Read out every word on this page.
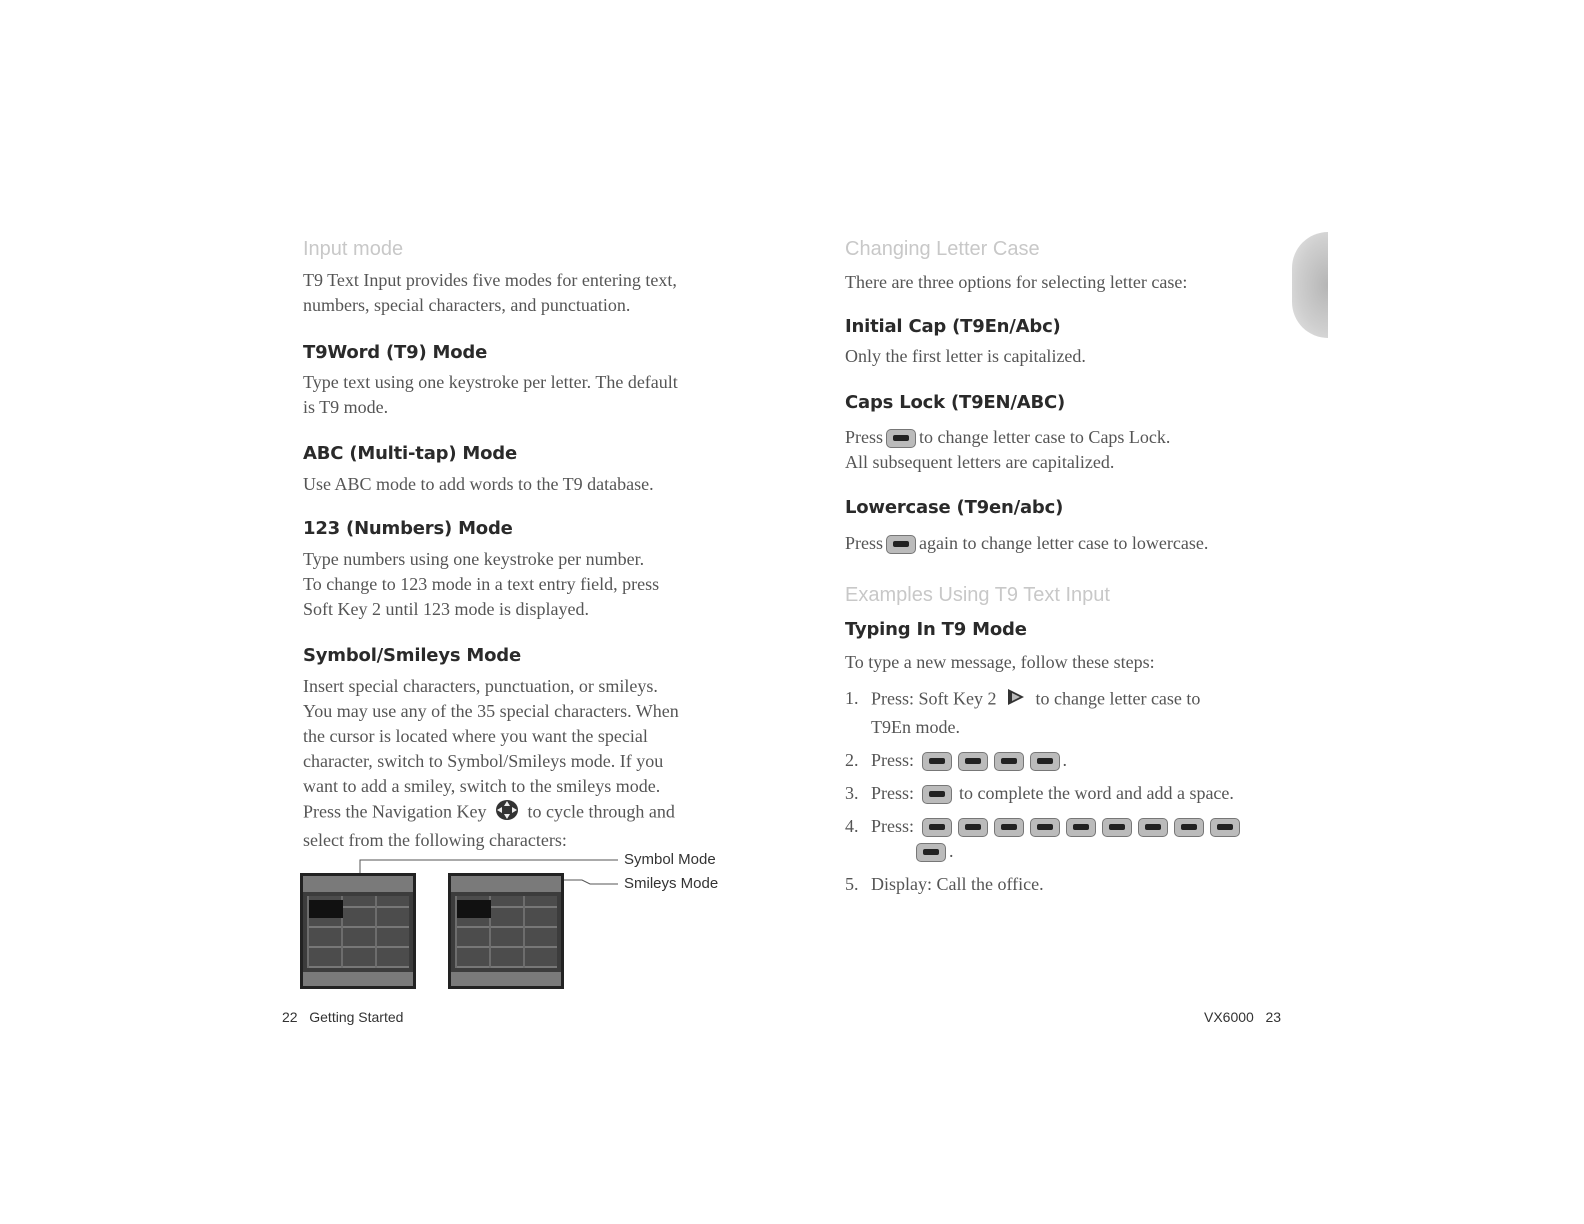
Input mode

T9 Text Input provides five modes for entering text,

numbers, special characters, and punctuation.

T9Word (T9) Mode

Type text using one keystroke per letter. The default

is T9 mode.

ABC (Multi-tap) Mode

Use ABC mode to add words to the T9 database.

123 (Numbers) Mode

Type numbers using one keystroke per number.

To change to 123 mode in a text entry field, press

Soft Key 2 until 123 mode is displayed.

Symbol/Smileys Mode

Insert special characters, punctuation, or smileys.

You may use any of the 35 special characters. When

the cursor is located where you want the special

character, switch to Symbol/Smileys mode. If you

want to add a smiley, switch to the smileys mode.

Press the Navigation Key to cycle through and

select from the following characters:

Symbol Mode
Smileys Mode
22 Getting Started
Changing Letter Case

There are three options for selecting letter case:

Initial Cap (T9En/Abc)

Only the first letter is capitalized.

Caps Lock (T9EN/ABC)

Press to change letter case to Caps Lock.

All subsequent letters are capitalized.

Lowercase (T9en/abc)

Press again to change letter case to lowercase.

Examples Using T9 Text Input
Typing In T9 Mode

To type a new message, follow these steps:

1. Press: Soft Key 2 to change letter case to
T9En mode.
2. Press:	.
3. Press:	to complete the word and add a space.
4. Press:
.
5. Display: Call the office.
VX6000 23
